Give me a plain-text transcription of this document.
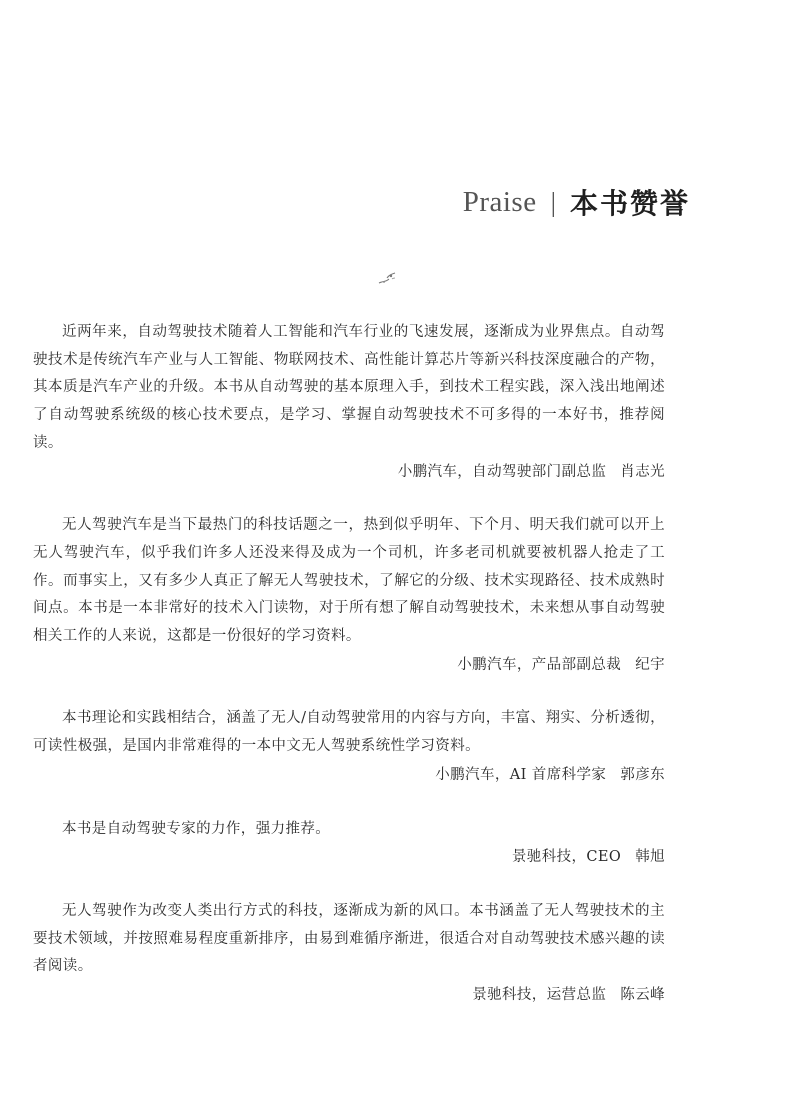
Praise | 本书赞誉

近两年来，自动驾驶技术随着人工智能和汽车行业的飞速发展，逐渐成为业界焦点。自动驾驶技术是传统汽车产业与人工智能、物联网技术、高性能计算芯片等新兴科技深度融合的产物，其本质是汽车产业的升级。本书从自动驾驶的基本原理入手，到技术工程实践，深入浅出地阐述了自动驾驶系统级的核心技术要点，是学习、掌握自动驾驶技术不可多得的一本好书，推荐阅读。

小鹏汽车，自动驾驶部门副总监 肖志光

无人驾驶汽车是当下最热门的科技话题之一，热到似乎明年、下个月、明天我们就可以开上无人驾驶汽车，似乎我们许多人还没来得及成为一个司机，许多老司机就要被机器人抢走了工作。而事实上，又有多少人真正了解无人驾驶技术，了解它的分级、技术实现路径、技术成熟时间点。本书是一本非常好的技术入门读物，对于所有想了解自动驾驶技术，未来想从事自动驾驶相关工作的人来说，这都是一份很好的学习资料。

小鹏汽车，产品部副总裁 纪宇

本书理论和实践相结合，涵盖了无人/自动驾驶常用的内容与方向，丰富、翔实、分析透彻，可读性极强，是国内非常难得的一本中文无人驾驶系统性学习资料。

小鹏汽车，AI 首席科学家 郭彦东

本书是自动驾驶专家的力作，强力推荐。

景驰科技，CEO 韩旭

无人驾驶作为改变人类出行方式的科技，逐渐成为新的风口。本书涵盖了无人驾驶技术的主要技术领域，并按照难易程度重新排序，由易到难循序渐进，很适合对自动驾驶技术感兴趣的读者阅读。

景驰科技，运营总监 陈云峰
